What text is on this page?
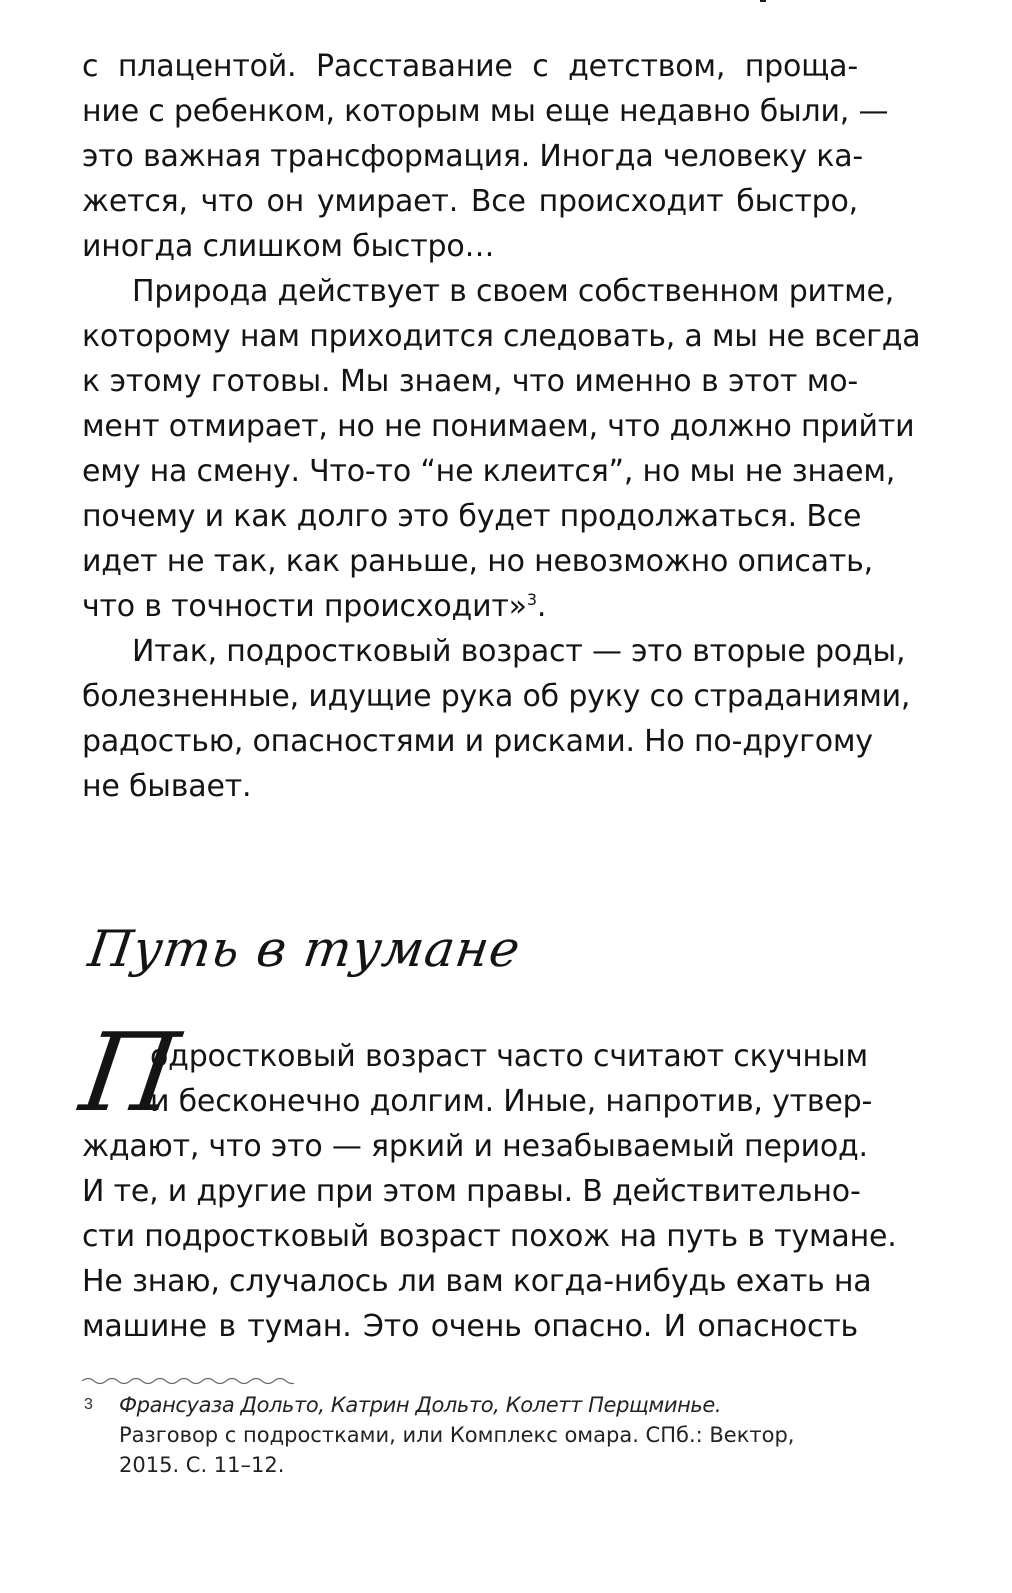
с плацентой. Расставание с детством, проща-
ние с ребенком, которым мы еще недавно были, —
это важная трансформация. Иногда человеку ка-
жется, что он умирает. Все происходит быстро,
иногда слишком быстро…
Природа действует в своем собственном ритме,
которому нам приходится следовать, а мы не всегда
к этому готовы. Мы знаем, что именно в этот мо-
мент отмирает, но не понимаем, что должно прийти
ему на смену. Что-то “не клеится”, но мы не знаем,
почему и как долго это будет продолжаться. Все
идет не так, как раньше, но невозможно описать,
что в точности происходит»$^3$.
Итак, подростковый возраст — это вторые роды,
болезненные, идущие рука об руку со страданиями,
радостью, опасностями и рисками. Но по-другому
не бывает.
Путь в тумане
П
одростковый возраст часто считают скучным
и бесконечно долгим. Иные, напротив, утвер-
ждают, что это — яркий и незабываемый период.
И те, и другие при этом правы. В действительно-
сти подростковый возраст похож на путь в тумане.
Не знаю, случалось ли вам когда-нибудь ехать на
машине в туман. Это очень опасно. И опасность
3 Франсуаза Дольто, Катрин Дольто, Колетт Перщминье.
Разговор с подростками, или Комплекс омара. СПб.: Вектор,
2015. С. 11–12.
